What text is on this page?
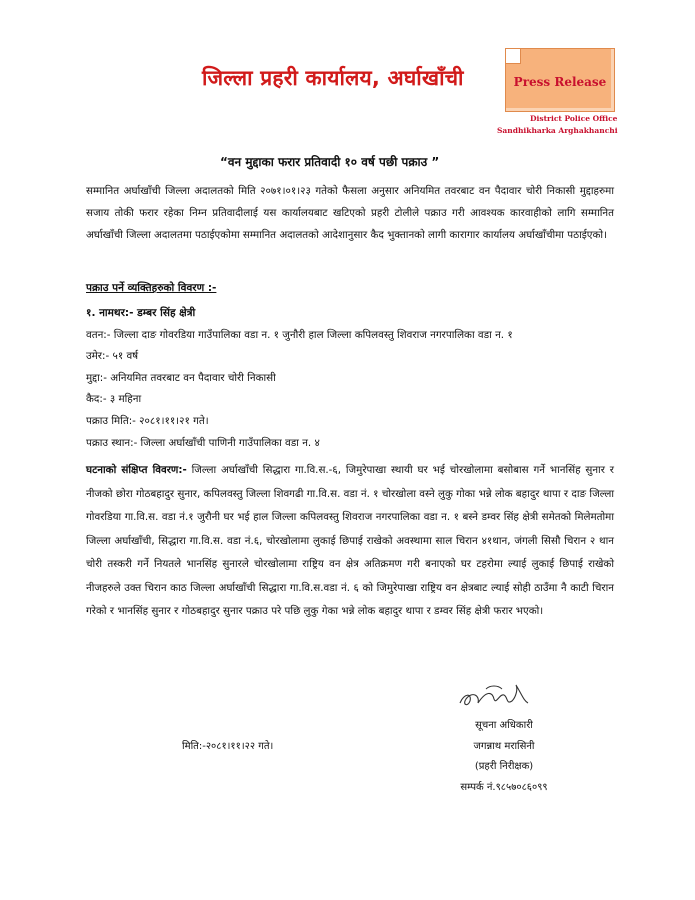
जिल्ला प्रहरी कार्यालय, अर्घाखाँची	Press Release
District Police Office
Sandhikharka Arghakhanchi
“वन मुद्दाका फरार प्रतिवादी १० वर्ष पछी पक्राउ ”
सम्मानित अर्घाखाँची जिल्ला अदालतको मिति २०७१।०१।२३ गतेको फैसला अनुसार अनियमित तवरबाट वन पैदावार चोरी निकासी मुद्दाहरुमा सजाय तोकी फरार रहेका निम्न प्रतिवादीलाई यस कार्यालयबाट खटिएको प्रहरी टोलीले पक्राउ गरी आवश्यक कारवाहीको लागि सम्मानित अर्घाखाँची जिल्ला अदालतमा पठाईएकोमा सम्मानित अदालतको आदेशानुसार कैद भुक्तानको लागी कारागार कार्यालय अर्घाखाँचीमा पठाईएको।
पक्राउ पर्ने व्यक्तिहरुको विवरण :-
१. नामथर:- डम्बर सिंह क्षेत्री
वतन:- जिल्ला दाङ गोवरडिया गाउँपालिका वडा न. १ जुनौरी हाल जिल्ला कपिलवस्तु शिवराज नगरपालिका वडा न. १
उमेर:- ५१ वर्ष
मुद्दा:- अनियमित तवरबाट वन पैदावार चोरी निकासी
कैद:- ३ महिना
पक्राउ मिति:- २०८१।११।२१ गते।
पक्राउ स्थान:- जिल्ला अर्घाखाँची पाणिनी गाउँपालिका वडा न. ४
घटनाको संक्षिप्त विवरण:- जिल्ला अर्घाखाँची सिद्धारा गा.वि.स.-६, जिमुरेपाखा स्थायी घर भई चोरखोलामा बसोबास गर्ने भानसिंह सुनार र नीजको छोरा गोठबहादुर सुनार, कपिलवस्तु जिल्ला शिवगढी गा.वि.स. वडा नं. १ चोरखोला वस्ने लुकु गोका भन्ने लोक बहादुर थापा र दाङ जिल्ला गोवरडिया गा.वि.स. वडा नं.१ जुरौनी घर भई हाल जिल्ला कपिलवस्तु शिवराज नगरपालिका वडा न. १ बस्ने डम्वर सिंह क्षेत्री समेतको मिलेमतोमा जिल्ला अर्घाखाँची, सिद्धारा गा.वि.स. वडा नं.६, चोरखोलामा लुकाई छिपाई राखेको अवस्थामा साल चिरान ४१थान, जंगली सिसौ चिरान २ थान चोरी तस्करी गर्ने नियतले भानसिंह सुनारले चोरखोलामा राष्ट्रिय वन क्षेत्र अतिक्रमण गरी बनाएको घर टहरोमा ल्याई लुकाई छिपाई राखेको नीजहरुले उक्त चिरान काठ जिल्ला अर्घाखाँची सिद्धारा गा.वि.स.वडा नं. ६ को जिमुरेपाखा राष्ट्रिय वन क्षेत्रबाट ल्याई सोही ठाउँमा नै काटी चिरान गरेको र भानसिंह सुनार र गोठबहादुर सुनार पक्राउ परे पछि लुकु गेका भन्ने लोक बहादुर थापा र डम्वर सिंह क्षेत्री फरार भएको।
सूचना अधिकारी
जगन्नाथ मरासिनी
(प्रहरी निरीक्षक)
सम्पर्क नं.९८५७०८६०९९
मिति:-२०८१।११।२२ गते।
